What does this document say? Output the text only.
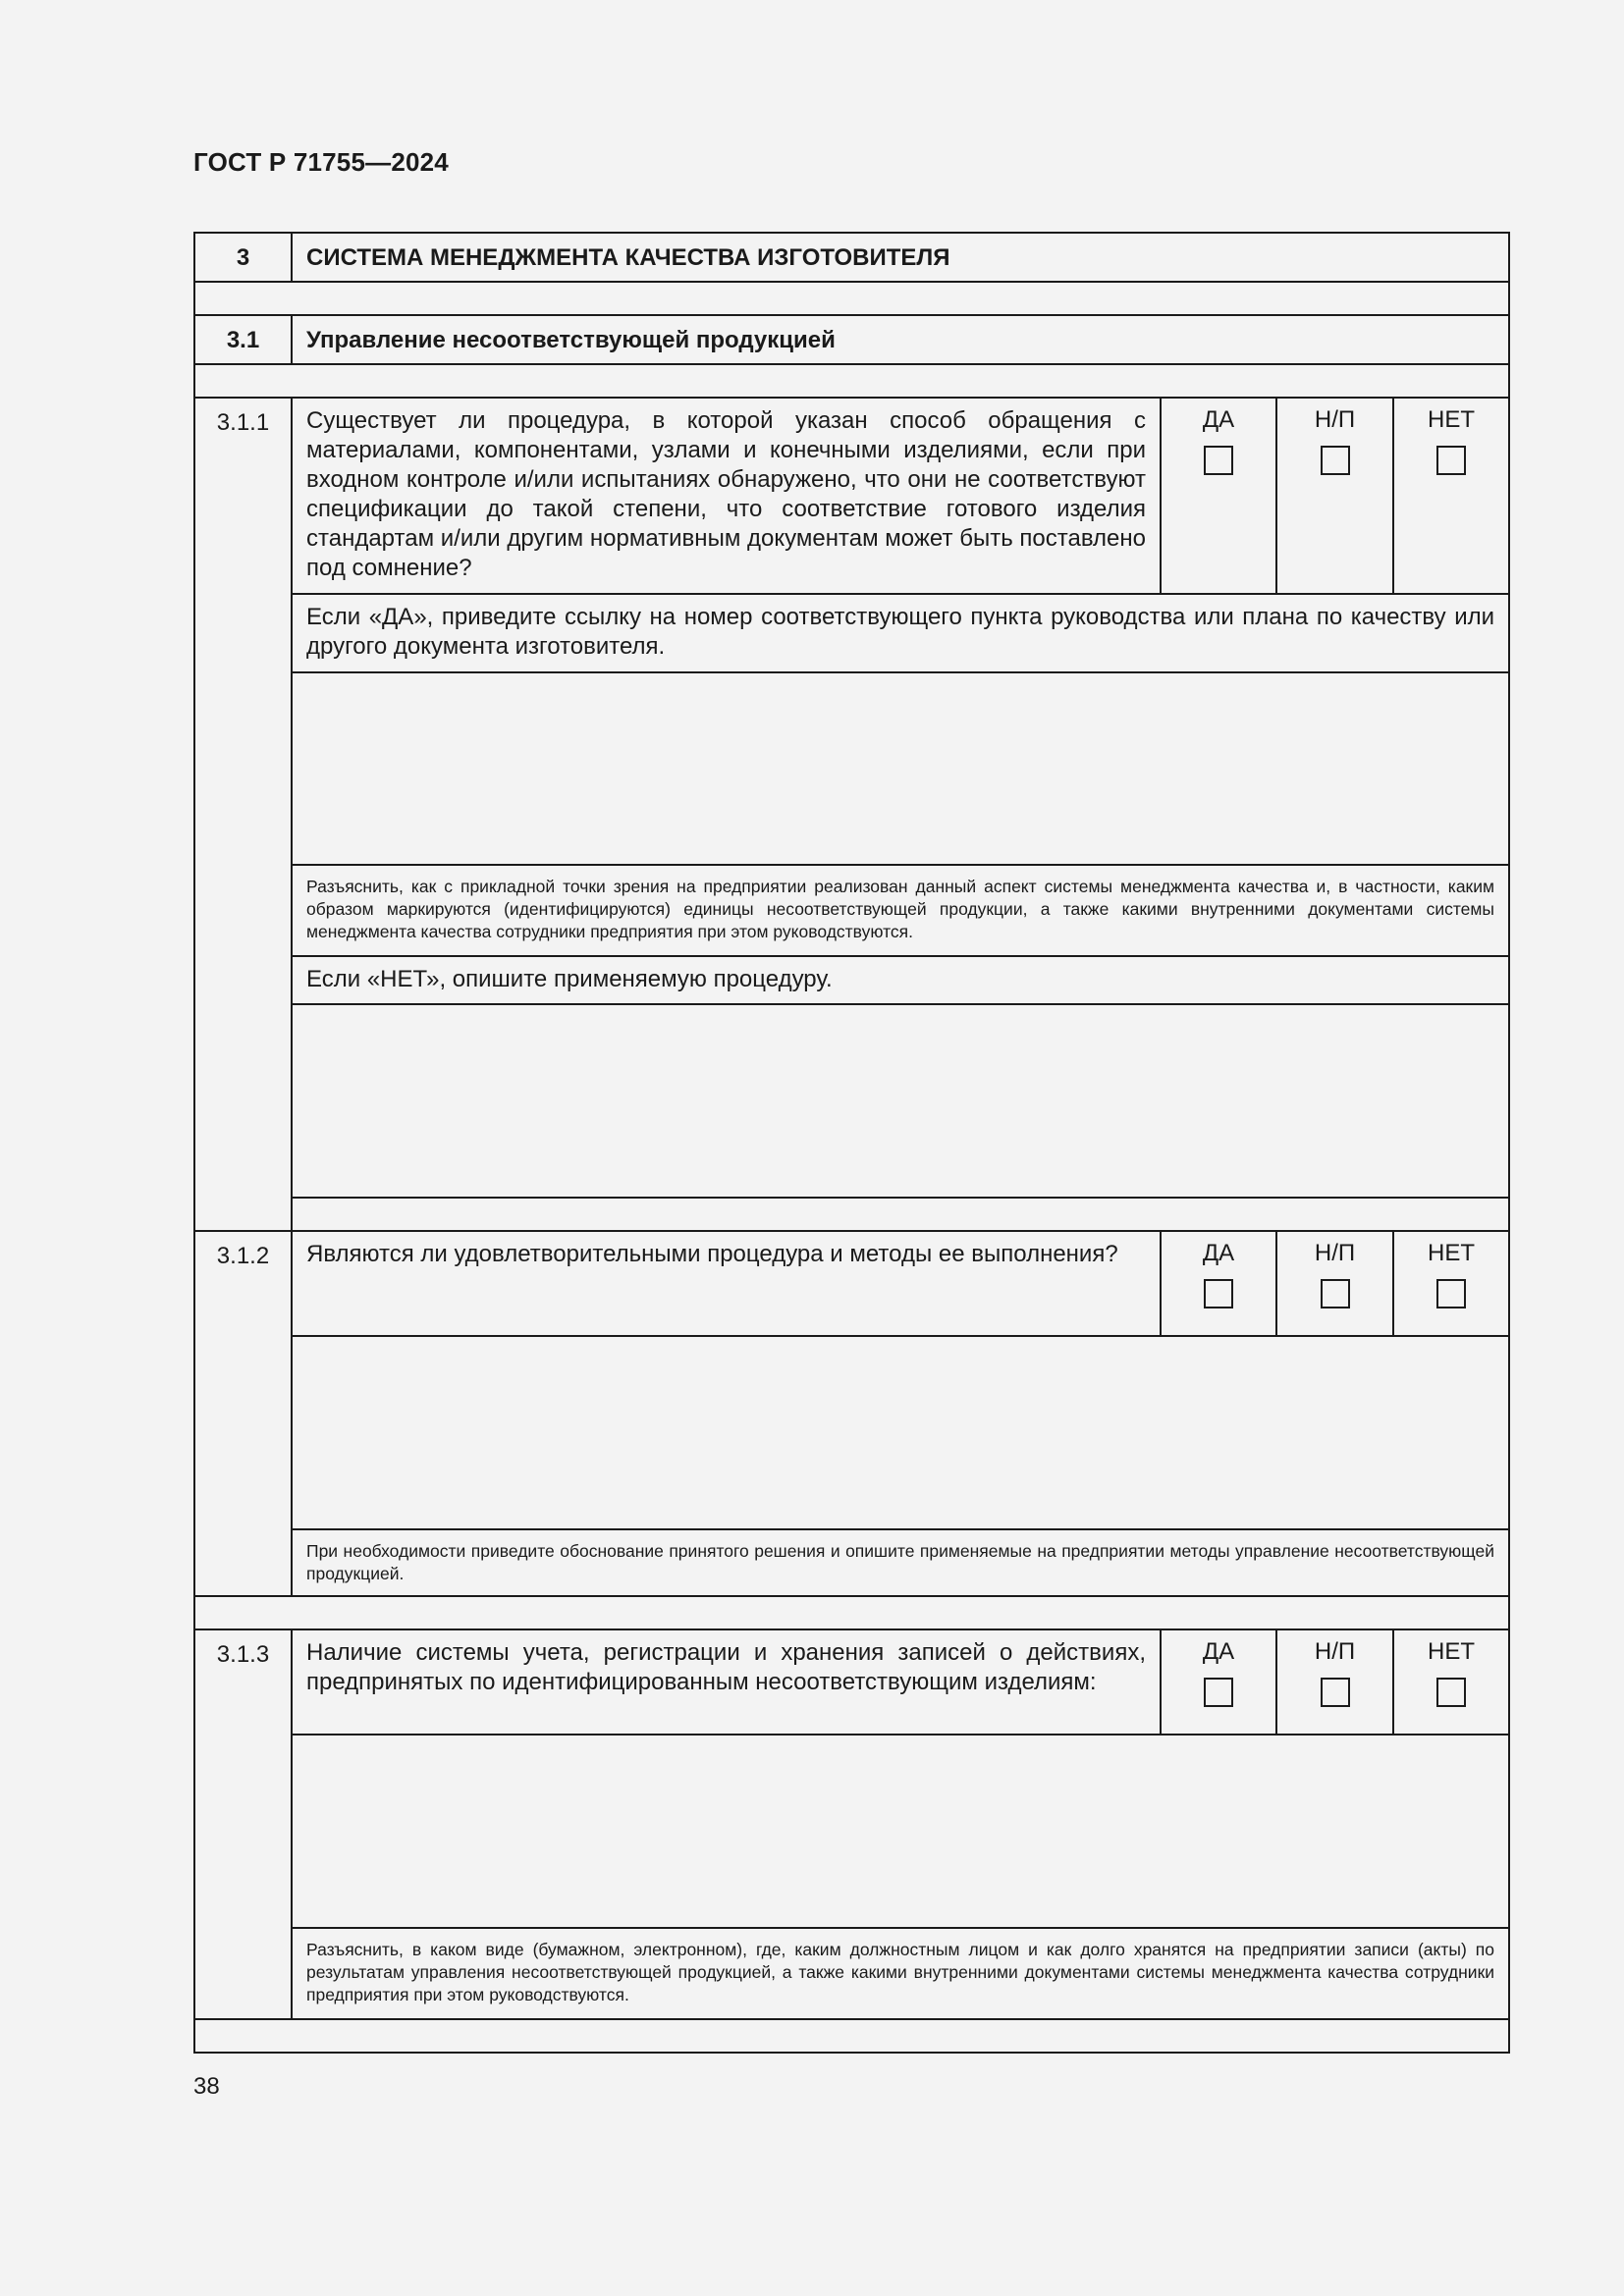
ГОСТ Р 71755—2024
3	СИСТЕМА МЕНЕДЖМЕНТА КАЧЕСТВА ИЗГОТОВИТЕЛЯ			

3.1	Управление несоответствующей продукцией			

3.1.1	Существует ли процедура, в которой указан способ обращения с материалами, компонентами, узлами и конечными изделиями, если при входном контроле и/или испытаниях обнаружено, что они не соответствуют спецификации до такой степени, что соответствие готового изделия стандартам и/или другим нормативным документам может быть поставлено под сомнение?	ДА	Н/П	НЕТ

	Если «ДА», приведите ссылку на номер соответствующего пункта руководства или плана по качеству или другого документа изготовителя.			

	Разъяснить, как с прикладной точки зрения на предприятии реализован данный аспект системы менеджмента качества и, в частности, каким образом маркируются (идентифицируются) единицы несоответствующей продукции, а также какими внутренними документами системы менеджмента качества сотрудники предприятия при этом руководствуются.			
	Если «НЕТ», опишите применяемую процедуру.			

3.1.2	Являются ли удовлетворительными процедура и методы ее выполнения?	ДА	Н/П	НЕТ

	При необходимости приведите обоснование принятого решения и опишите применяемые на предприятии методы управление несоответствующей продукцией.			

3.1.3	Наличие системы учета, регистрации и хранения записей о действиях, предпринятых по идентифицированным несоответствующим изделиям:	ДА	Н/П	НЕТ

	Разъяснить, в каком виде (бумажном, электронном), где, каким должностным лицом и как долго хранятся на предприятии записи (акты) по результатам управления несоответствующей продукцией, а также какими внутренними документами системы менеджмента качества сотрудники предприятия при этом руководствуются.			

38
